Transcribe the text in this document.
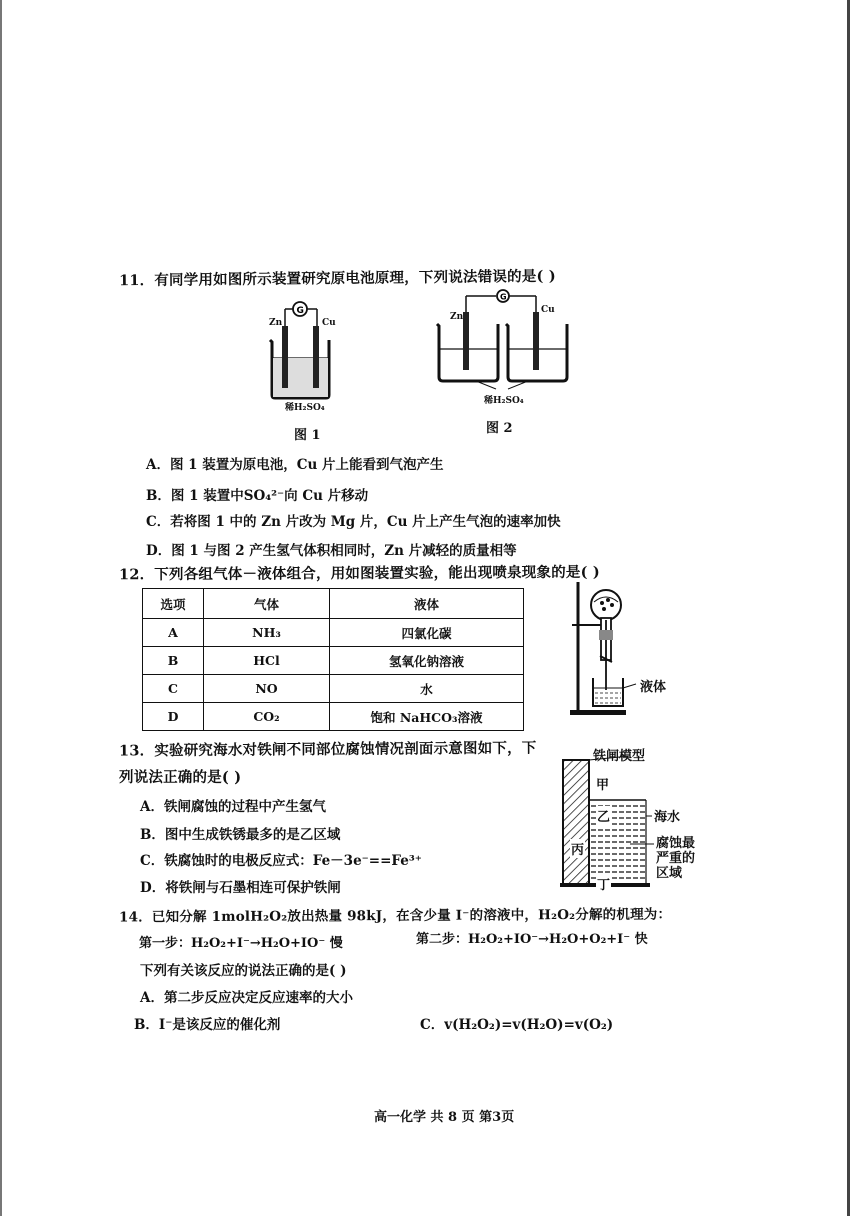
11．有同学用如图所示装置研究原电池原理，下列说法错误的是( )
G
Zn	Cu
稀H₂SO₄
图 1
G
Zn
Cu
稀H₂SO₄
图 2
A．图 1 装置为原电池，Cu 片上能看到气泡产生
B．图 1 装置中SO₄²⁻向 Cu 片移动
C．若将图 1 中的 Zn 片改为 Mg 片，Cu 片上产生气泡的速率加快
D．图 1 与图 2 产生氢气体积相同时，Zn 片减轻的质量相等
12．下列各组气体－液体组合，用如图装置实验，能出现喷泉现象的是( )
选项	气体	液体
A	NH₃	四氯化碳
B	HCl	氢氧化钠溶液
C	NO	水
D	CO₂	饱和 NaHCO₃溶液
液体
13．实验研究海水对铁闸不同部位腐蚀情况剖面示意图如下，下
列说法正确的是( )
A．铁闸腐蚀的过程中产生氢气
B．图中生成铁锈最多的是乙区域
C．铁腐蚀时的电极反应式：Fe－3e⁻==Fe³⁺
D．将铁闸与石墨相连可保护铁闸
铁闸模型
甲
乙
丙
丁
海水
腐蚀最
严重的
区域
14．已知分解 1molH₂O₂放出热量 98kJ，在含少量 I⁻的溶液中，H₂O₂分解的机理为：
第一步：H₂O₂+I⁻→H₂O+IO⁻ 慢	第二步：H₂O₂+IO⁻→H₂O+O₂+I⁻ 快
下列有关该反应的说法正确的是( )
A．第二步反应决定反应速率的大小
B．I⁻是该反应的催化剂	C．v(H₂O₂)=v(H₂O)=v(O₂)
高一化学 共 8 页 第3页
